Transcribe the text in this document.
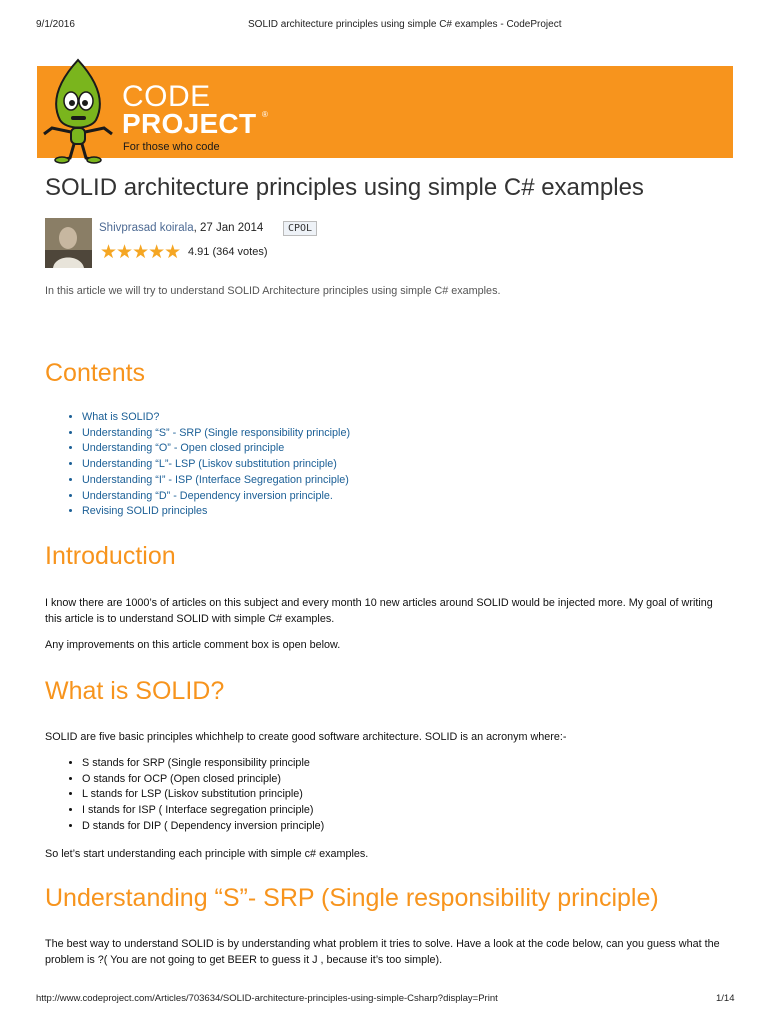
9/1/2016	SOLID architecture principles using simple C# examples - CodeProject
CODE
PROJECT ®
For those who code
SOLID architecture principles using simple C# examples
Shivprasad koirala, 27 Jan 2014	CPOL
★★★★★ 4.91 (364 votes)
In this article we will try to understand SOLID Architecture principles using simple C# examples.
Contents
• What is SOLID?
• Understanding “S” - SRP (Single responsibility principle)
• Understanding “O” - Open closed principle
• Understanding “L”- LSP (Liskov substitution principle)
• Understanding “I” - ISP (Interface Segregation principle)
• Understanding “D” - Dependency inversion principle.
• Revising SOLID principles
Introduction
I know there are 1000’s of articles on this subject and every month 10 new articles around SOLID would be injected more. My goal of writing this article is to understand SOLID with simple C# examples.
Any improvements on this article comment box is open below.
What is SOLID?
SOLID are five basic principles whichhelp to create good software architecture. SOLID is an acronym where:-
• S stands for SRP (Single responsibility principle
• O stands for OCP (Open closed principle)
• L stands for LSP (Liskov substitution principle)
• I stands for ISP ( Interface segregation principle)
• D stands for DIP ( Dependency inversion principle)
So let’s start understanding each principle with simple c# examples.
Understanding “S”- SRP (Single responsibility principle)
The best way to understand SOLID is by understanding what problem it tries to solve. Have a look at the code below, can you guess what the problem is ?( You are not going to get BEER to guess it J , because it’s too simple).
http://www.codeproject.com/Articles/703634/SOLID-architecture-principles-using-simple-Csharp?display=Print	1/14
